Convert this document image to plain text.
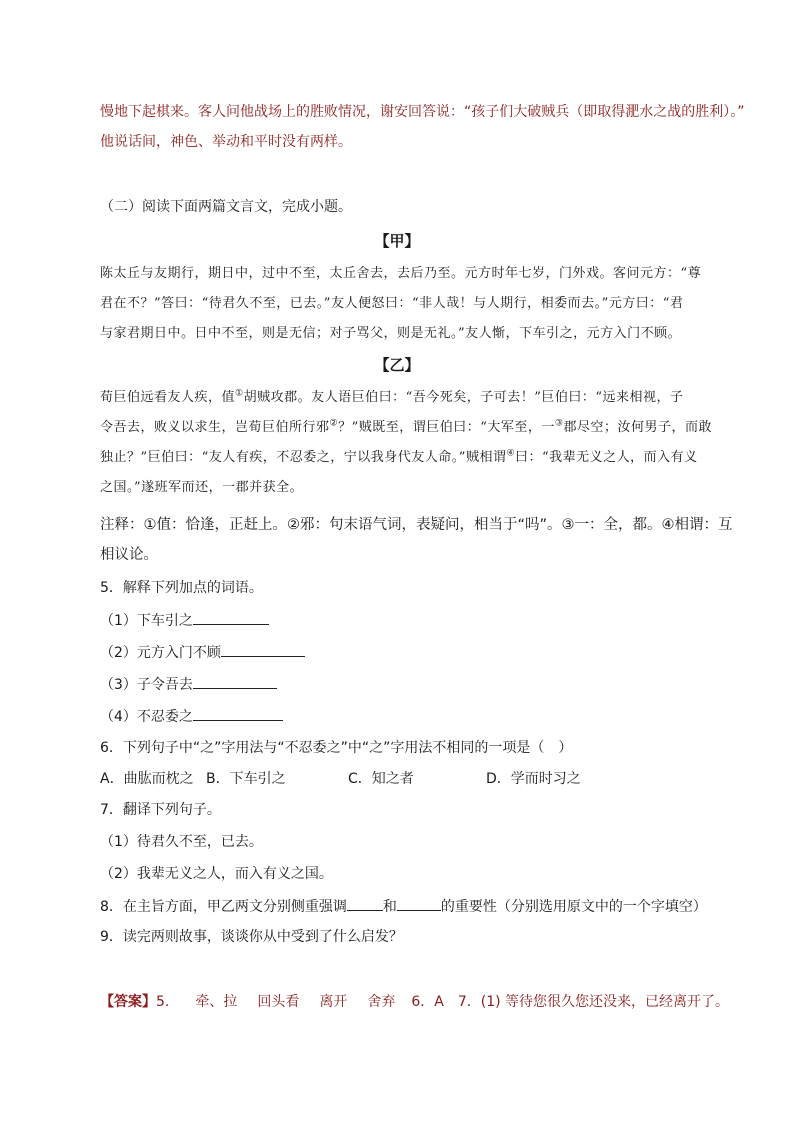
慢地下起棋来。客人问他战场上的胜败情况，谢安回答说：“孩子们大破贼兵（即取得淝水之战的胜利）。”
他说话间，神色、举动和平时没有两样。
（二）阅读下面两篇文言文，完成小题。
【甲】
陈太丘与友期行，期日中，过中不至，太丘舍去，去后乃至。元方时年七岁，门外戏。客问元方：“尊
君在不？”答曰：“待君久不至，已去。”友人便怒曰：“非人哉！与人期行，相委而去。”元方曰：“君
与家君期日中。日中不至，则是无信；对子骂父，则是无礼。”友人惭，下车引之，元方入门不顾。
【乙】
荀巨伯远看友人疾，值①胡贼攻郡。友人语巨伯曰：“吾今死矣，子可去！”巨伯曰：“远来相视，子
令吾去，败义以求生，岂荀巨伯所行邪②？”贼既至，谓巨伯曰：“大军至，一③郡尽空；汝何男子，而敢
独止？”巨伯曰：“友人有疾，不忍委之，宁以我身代友人命。”贼相谓④曰：“我辈无义之人，而入有义
之国。”遂班军而还，一郡并获全。
注释：①值：恰逢，正赶上。②邪：句末语气词，表疑问，相当于“吗”。③一：全，都。④相谓：互
相议论。
5．解释下列加点的词语。
（1）下车引之
（2）元方入门不顾
（3）子令吾去
（4）不忍委之
6．下列句子中“之”字用法与“不忍委之”中“之”字用法不相同的一项是（　）
A．曲肱而枕之 B．下车引之	C．知之者	D．学而时习之
7．翻译下列句子。
（1）待君久不至，已去。
（2）我辈无义之人，而入有义之国。
8．在主旨方面，甲乙两文分别侧重强调	和	的重要性（分别选用原文中的一个字填空）
9．读完两则故事，谈谈你从中受到了什么启发？
【答案】5. 牵、拉 回头看 离开 舍弃 6．A 7．(1) 等待您很久您还没来，已经离开了。
